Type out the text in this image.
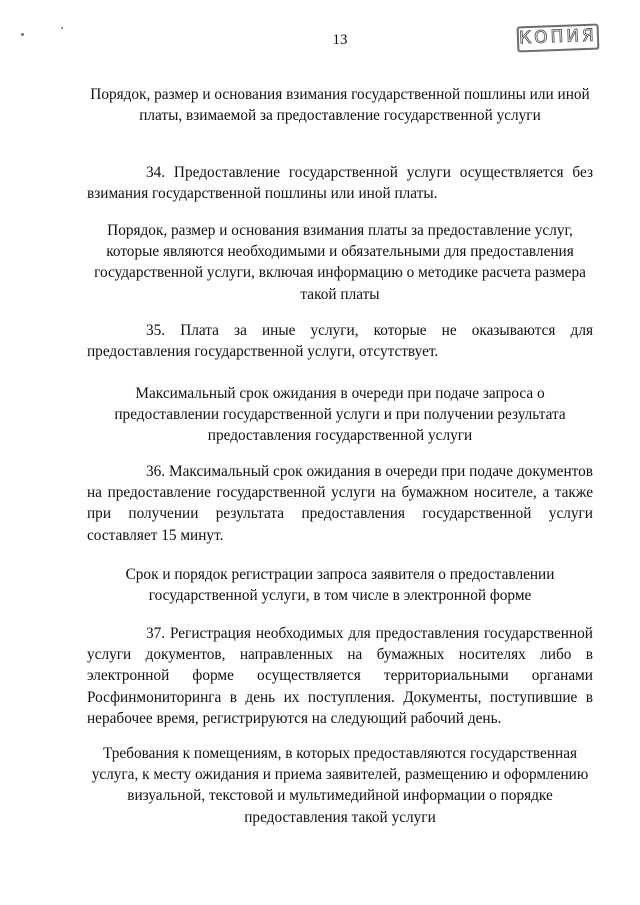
13	КОПИЯ
Порядок, размер и основания взимания государственной пошлины или иной платы, взимаемой за предоставление государственной услуги
34. Предоставление государственной услуги осуществляется без взимания государственной пошлины или иной платы.
Порядок, размер и основания взимания платы за предоставление услуг, которые являются необходимыми и обязательными для предоставления государственной услуги, включая информацию о методике расчета размера такой платы
35. Плата за иные услуги, которые не оказываются для предоставления государственной услуги, отсутствует.
Максимальный срок ожидания в очереди при подаче запроса о предоставлении государственной услуги и при получении результата предоставления государственной услуги
36. Максимальный срок ожидания в очереди при подаче документов на предоставление государственной услуги на бумажном носителе, а также при получении результата предоставления государственной услуги составляет 15 минут.
Срок и порядок регистрации запроса заявителя о предоставлении государственной услуги, в том числе в электронной форме
37. Регистрация необходимых для предоставления государственной услуги документов, направленных на бумажных носителях либо в электронной форме осуществляется территориальными органами Росфинмониторинга в день их поступления. Документы, поступившие в нерабочее время, регистрируются на следующий рабочий день.
Требования к помещениям, в которых предоставляются государственная услуга, к месту ожидания и приема заявителей, размещению и оформлению визуальной, текстовой и мультимедийной информации о порядке предоставления такой услуги
